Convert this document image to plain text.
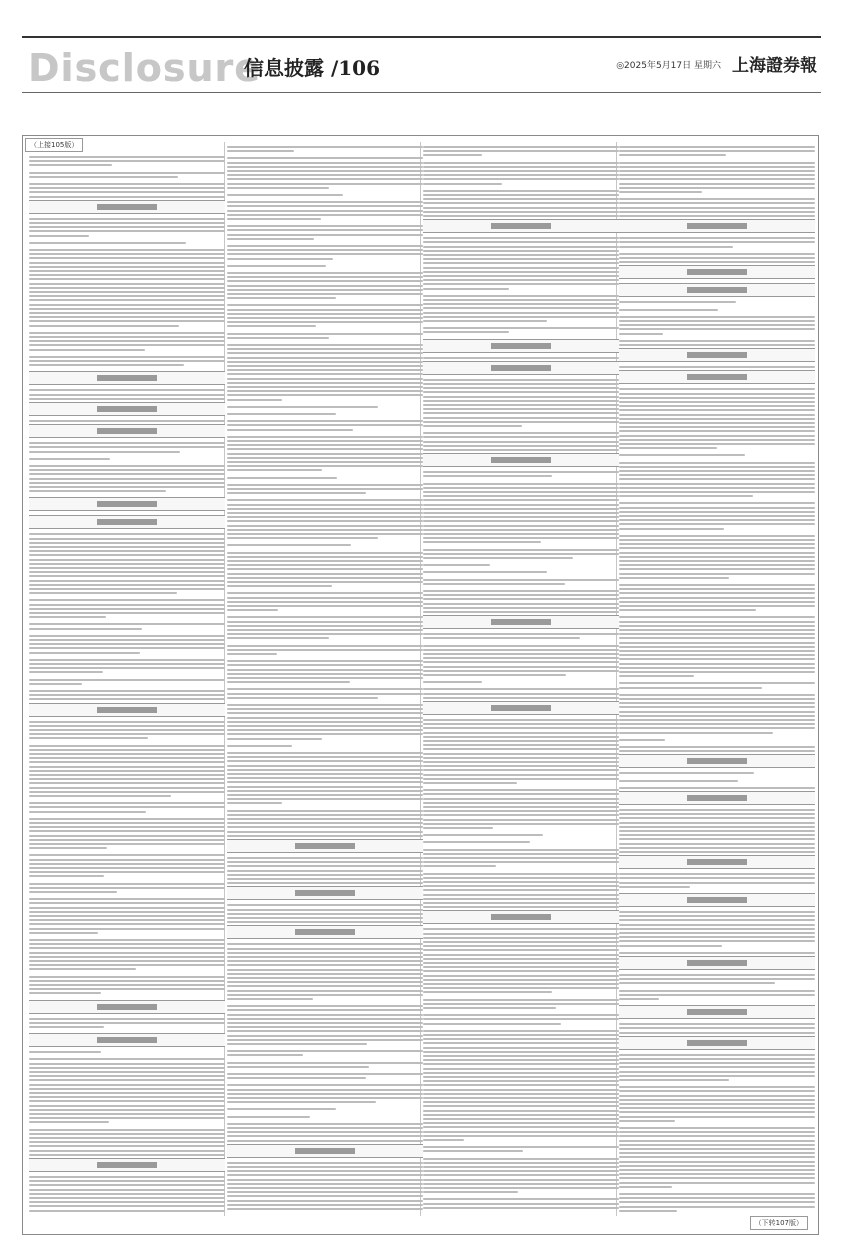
Disclosure
信息披露 /106	◎2025年5月17日 星期六 上海證券報
（上接105版）
（下转107版）
